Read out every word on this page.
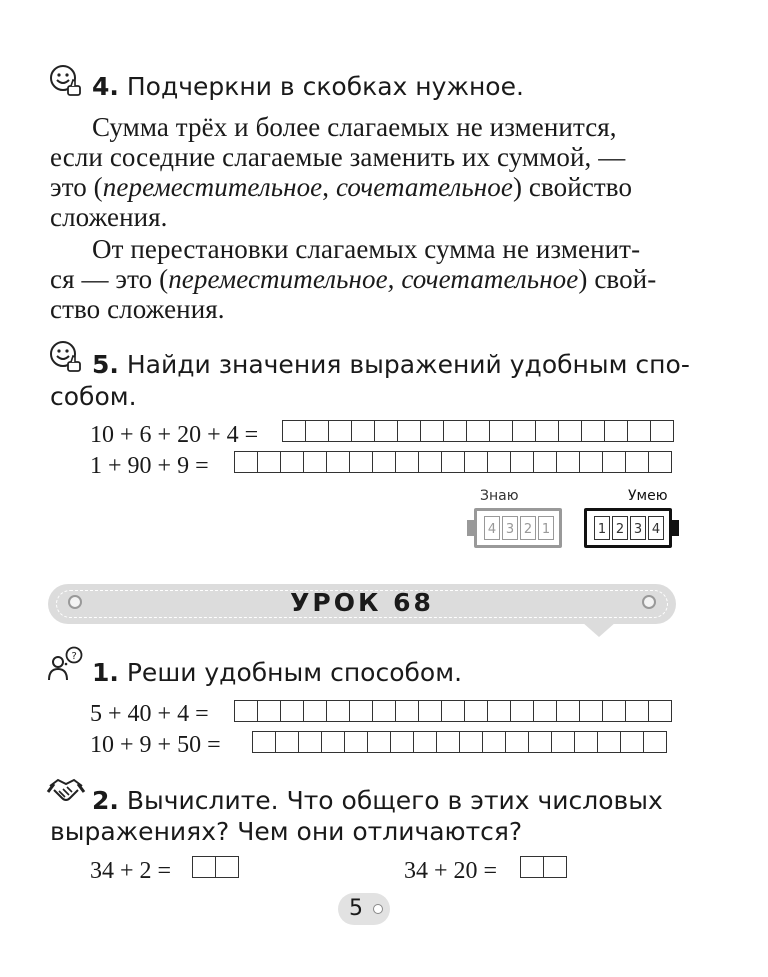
4. Подчеркни в скобках нужное.
Сумма трёх и более слагаемых не изменится,
если соседние слагаемые заменить их суммой, —
это (переместительное, сочетательное) свойство
сложения.
От перестановки слагаемых сумма не изменит-
ся — это (переместительное, сочетательное) свой-
ство сложения.
5. Найди значения выражений удобным спо-
собом.
10 + 6 + 20 + 4 =
1 + 90 + 9 =
Знаю	Умею
4 3 2 1	1 2 3 4
УРОК 68
?
1. Реши удобным способом.
5 + 40 + 4 =
10 + 9 + 50 =
2. Вычислите. Что общего в этих числовых
выражениях? Чем они отличаются?
34 + 2 =	34 + 20 =
5
